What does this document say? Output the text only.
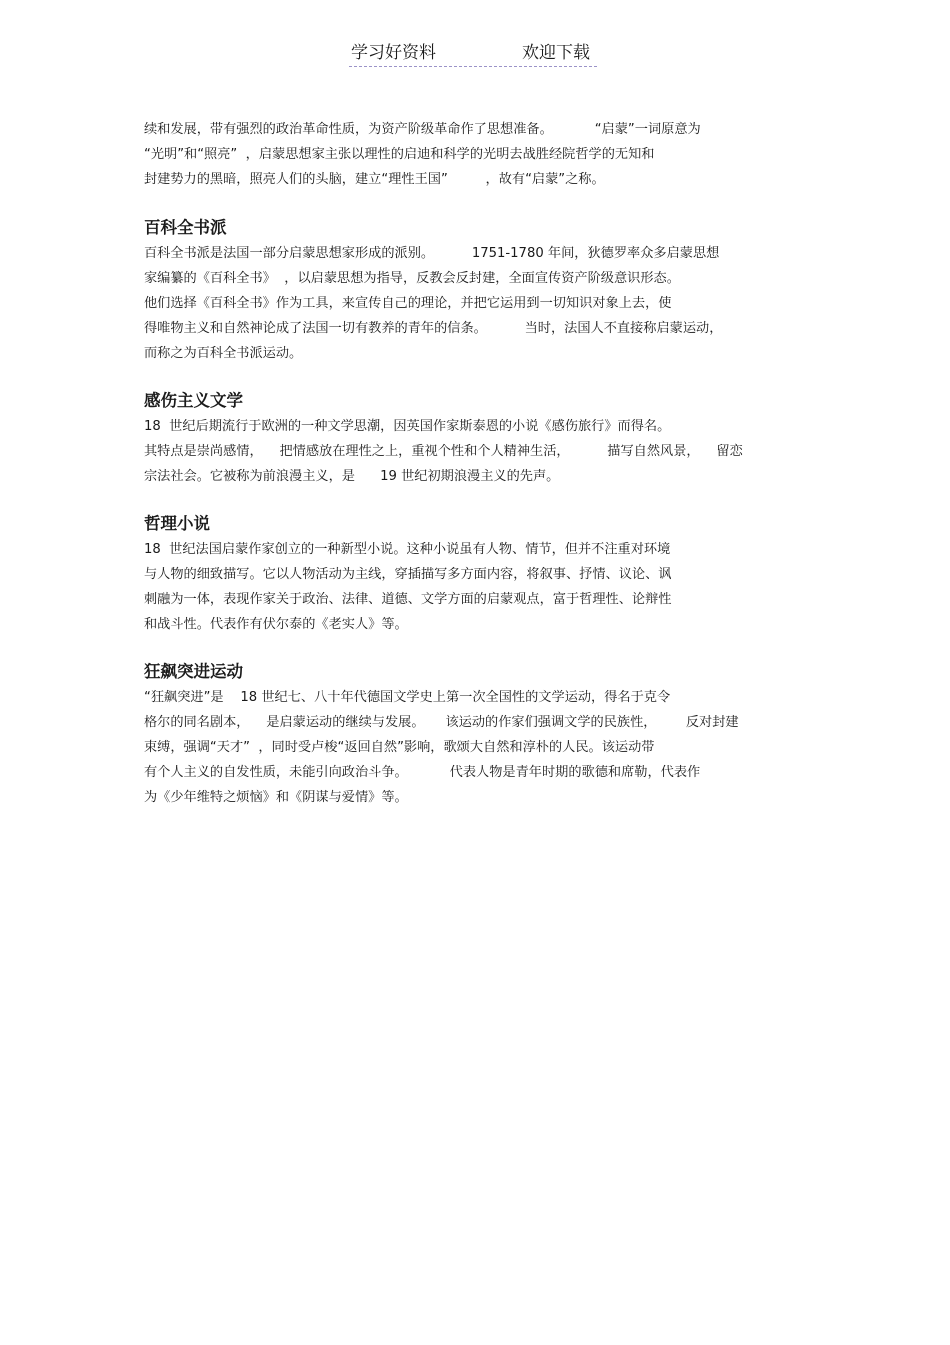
学习好资料	欢迎下载

续和发展，带有强烈的政治革命性质，为资产阶级革命作了思想准备。          “启蒙”一词原意为

“光明”和“照亮”  ，启蒙思想家主张以理性的启迪和科学的光明去战胜经院哲学的无知和

封建势力的黑暗，照亮人们的头脑，建立“理性王国”         ，故有“启蒙”之称。

百科全书派

百科全书派是法国一部分启蒙思想家形成的派别。         1751-1780 年间，狄德罗率众多启蒙思想

家编纂的《百科全书》  ，以启蒙思想为指导，反教会反封建，全面宣传资产阶级意识形态。

他们选择《百科全书》作为工具，来宣传自己的理论，并把它运用到一切知识对象上去，使

得唯物主义和自然神论成了法国一切有教养的青年的信条。         当时，法国人不直接称启蒙运动，

而称之为百科全书派运动。

感伤主义文学

18  世纪后期流行于欧洲的一种文学思潮，因英国作家斯泰恩的小说《感伤旅行》而得名。

其特点是崇尚感情，    把情感放在理性之上，重视个性和个人精神生活，         描写自然风景，    留恋

宗法社会。它被称为前浪漫主义，是      19 世纪初期浪漫主义的先声。

哲理小说

18  世纪法国启蒙作家创立的一种新型小说。这种小说虽有人物、情节，但并不注重对环境

与人物的细致描写。它以人物活动为主线，穿插描写多方面内容，将叙事、抒情、议论、讽

刺融为一体，表现作家关于政治、法律、道德、文学方面的启蒙观点，富于哲理性、论辩性

和战斗性。代表作有伏尔泰的《老实人》等。

狂飙突进运动

“狂飙突进”是    18 世纪七、八十年代德国文学史上第一次全国性的文学运动，得名于克令

格尔的同名剧本，    是启蒙运动的继续与发展。     该运动的作家们强调文学的民族性，       反对封建

束缚，强调“天才”  ，同时受卢梭“返回自然”影响，歌颂大自然和淳朴的人民。该运动带

有个人主义的自发性质，未能引向政治斗争。          代表人物是青年时期的歌德和席勒，代表作

为《少年维特之烦恼》和《阴谋与爱情》等。
